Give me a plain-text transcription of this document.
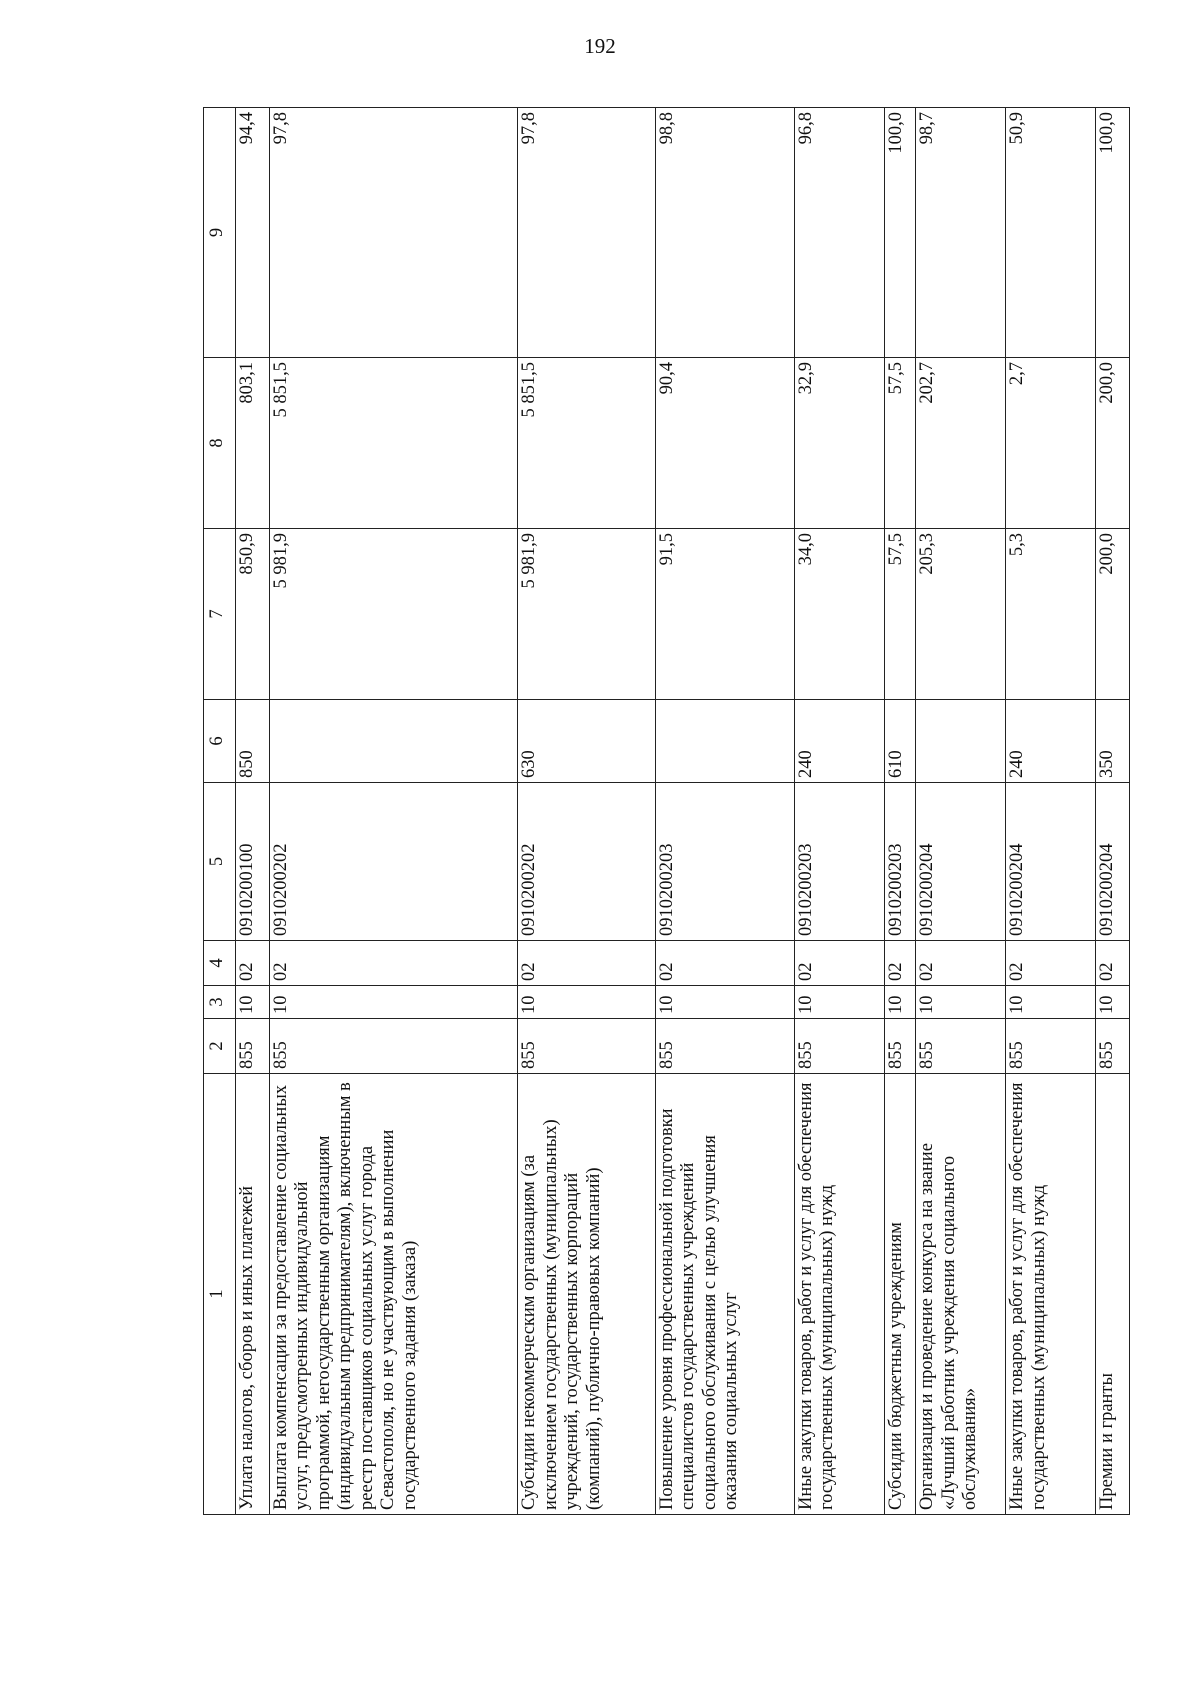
192
1	2	3	4	5	6	7	8	9
Уплата налогов, сборов и иных платежей	855	10	02	0910200100	850	850,9	803,1	94,4
Выплата компенсации за предоставление социальных услуг, предусмотренных индивидуальной программой, негосударственным организациям (индивидуальным предпринимателям), включенным в реестр поставщиков социальных услуг города Севастополя, но не участвующим в выполнении государственного задания (заказа)	855	10	02	0910200202		5 981,9	5 851,5	97,8
Субсидии некоммерческим организациям (за исключением государственных (муниципальных) учреждений, государственных корпораций (компаний), публично-правовых компаний)	855	10	02	0910200202	630	5 981,9	5 851,5	97,8
Повышение уровня профессиональной подготовки специалистов государственных учреждений социального обслуживания с целью улучшения оказания социальных услуг	855	10	02	0910200203		91,5	90,4	98,8
Иные закупки товаров, работ и услуг для обеспечения государственных (муниципальных) нужд	855	10	02	0910200203	240	34,0	32,9	96,8
Субсидии бюджетным учреждениям	855	10	02	0910200203	610	57,5	57,5	100,0
Организация и проведение конкурса на звание «Лучший работник учреждения социального обслуживания»	855	10	02	0910200204		205,3	202,7	98,7
Иные закупки товаров, работ и услуг для обеспечения государственных (муниципальных) нужд	855	10	02	0910200204	240	5,3	2,7	50,9
Премии и гранты	855	10	02	0910200204	350	200,0	200,0	100,0
